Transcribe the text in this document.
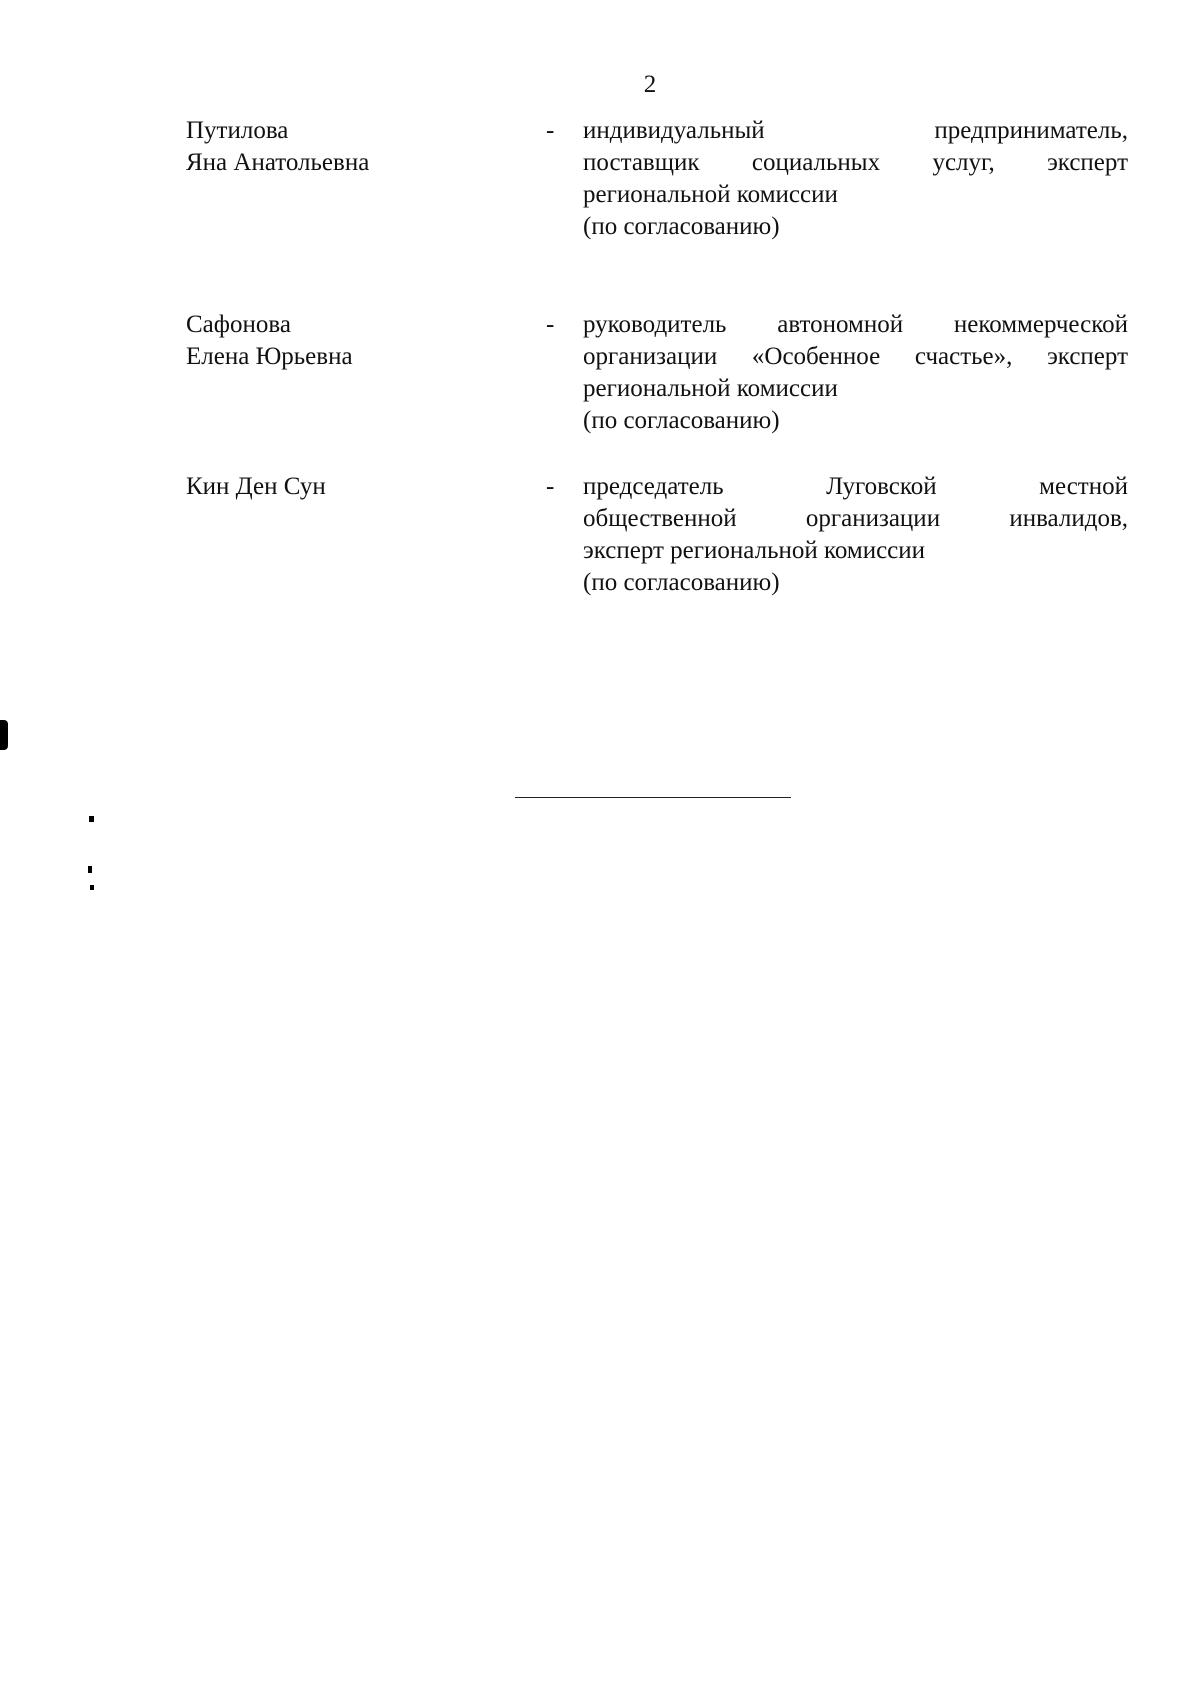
2
Путилова
Яна Анатольевна
- индивидуальный предприниматель,
поставщик социальных услуг, эксперт
региональной комиссии
(по согласованию)
Сафонова
Елена Юрьевна
- руководитель автономной некоммерческой
организации «Особенное счастье», эксперт
региональной комиссии
(по согласованию)
Кин Ден Сун	- председатель Луговской местной
общественной организации инвалидов,
эксперт региональной комиссии
(по согласованию)
